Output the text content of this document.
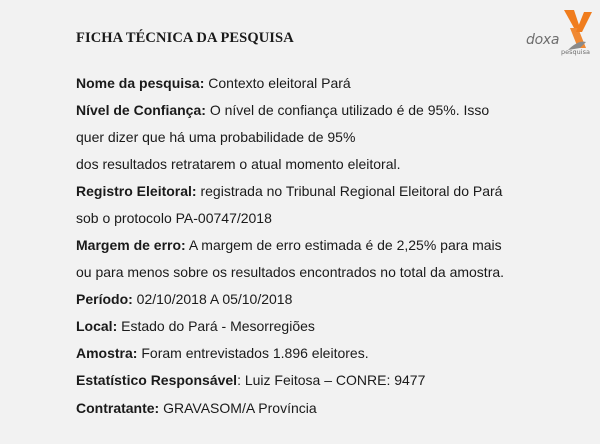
FICHA TÉCNICA DA PESQUISA	doxa
pesquisa
Nome da pesquisa: Contexto eleitoral Pará
Nível de Confiança: O nível de confiança utilizado é de 95%. Isso
quer dizer que há uma probabilidade de 95%
dos resultados retratarem o atual momento eleitoral.
Registro Eleitoral: registrada no Tribunal Regional Eleitoral do Pará
sob o protocolo PA-00747/2018
Margem de erro: A margem de erro estimada é de 2,25% para mais
ou para menos sobre os resultados encontrados no total da amostra.
Período: 02/10/2018 A 05/10/2018
Local: Estado do Pará - Mesorregiões
Amostra: Foram entrevistados 1.896 eleitores.
Estatístico Responsável: Luiz Feitosa – CONRE: 9477
Contratante: GRAVASOM/A Província
